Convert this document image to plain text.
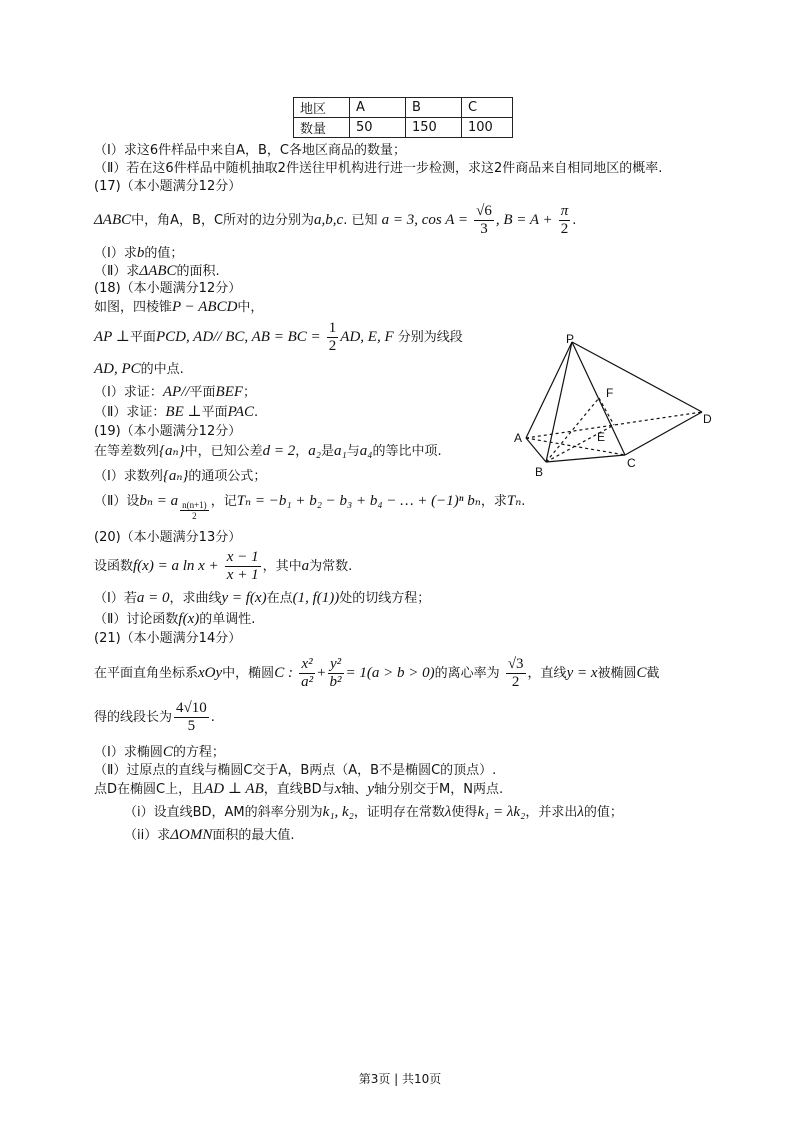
地区	A	B	C
数量	50	150	100
（Ⅰ）求这6件样品中来自A，B，C各地区商品的数量；
（Ⅱ）若在这6件样品中随机抽取2件送往甲机构进行进一步检测，求这2件商品来自相同地区的概率.
(17)（本小题满分12分）
ΔABC中，角A，B，C所对的边分别为a,b,c. 已知 a = 3, $\cos A = \frac{√6}{3}$ , $B = A + \frac{\pi}{2}$ .
（Ⅰ）求b的值；
（Ⅱ）求ΔABC的面积.
(18)（本小题满分12分）
如图，四棱锥P − ABCD中，
AP ⊥平面PCD, AD// BC, AB = BC = $\frac{1}{2}$ AD, E, F 分别为线段
AD, PC的中点.
（Ⅰ）求证：AP//平面BEF；
（Ⅱ）求证：BE ⊥平面PAC.
P
F
D
A	E
B
C
(19)（本小题满分12分）
在等差数列{aₙ}中，已知公差d = 2，a₂是a₁与a₄的等比中项.
（Ⅰ）求数列{aₙ}的通项公式；
（Ⅱ）设bₙ = a $\frac{n(n+1)}{2}$ ，记Tₙ = −b₁ + b₂ − b₃ + b₄ − … + (−1)ⁿ bₙ，求Tₙ.
(20)（本小题满分13分）
设函数f(x) = a $\ln x + \frac{x - 1}{x + 1}$ ，其中a为常数.
（Ⅰ）若a = 0，求曲线y = f(x)在点(1, f(1))处的切线方程；
（Ⅱ）讨论函数f(x)的单调性.
(21)（本小题满分14分）
在平面直角坐标系xOy中，椭圆C : $\frac{\text{x²}}{\text{a²}} + \frac{\text{y²}}{\text{b²}} = 1(a > b > 0)$的离心率为 $\frac{√3}{2}$ ，直线y = x被椭圆C截
得的线段长为 $\frac{4√10}{5}$ .
（Ⅰ）求椭圆C的方程；
（Ⅱ）过原点的直线与椭圆C交于A，B两点（A，B不是椭圆C的顶点）.
点D在椭圆C上，且AD ⊥ AB，直线BD与x轴、y轴分别交于M，N两点.
（i）设直线BD，AM的斜率分别为k₁, k₂，证明存在常数λ使得k₁ = λk₂，并求出λ的值；
（ii）求ΔOMN面积的最大值.
第3页 | 共10页
